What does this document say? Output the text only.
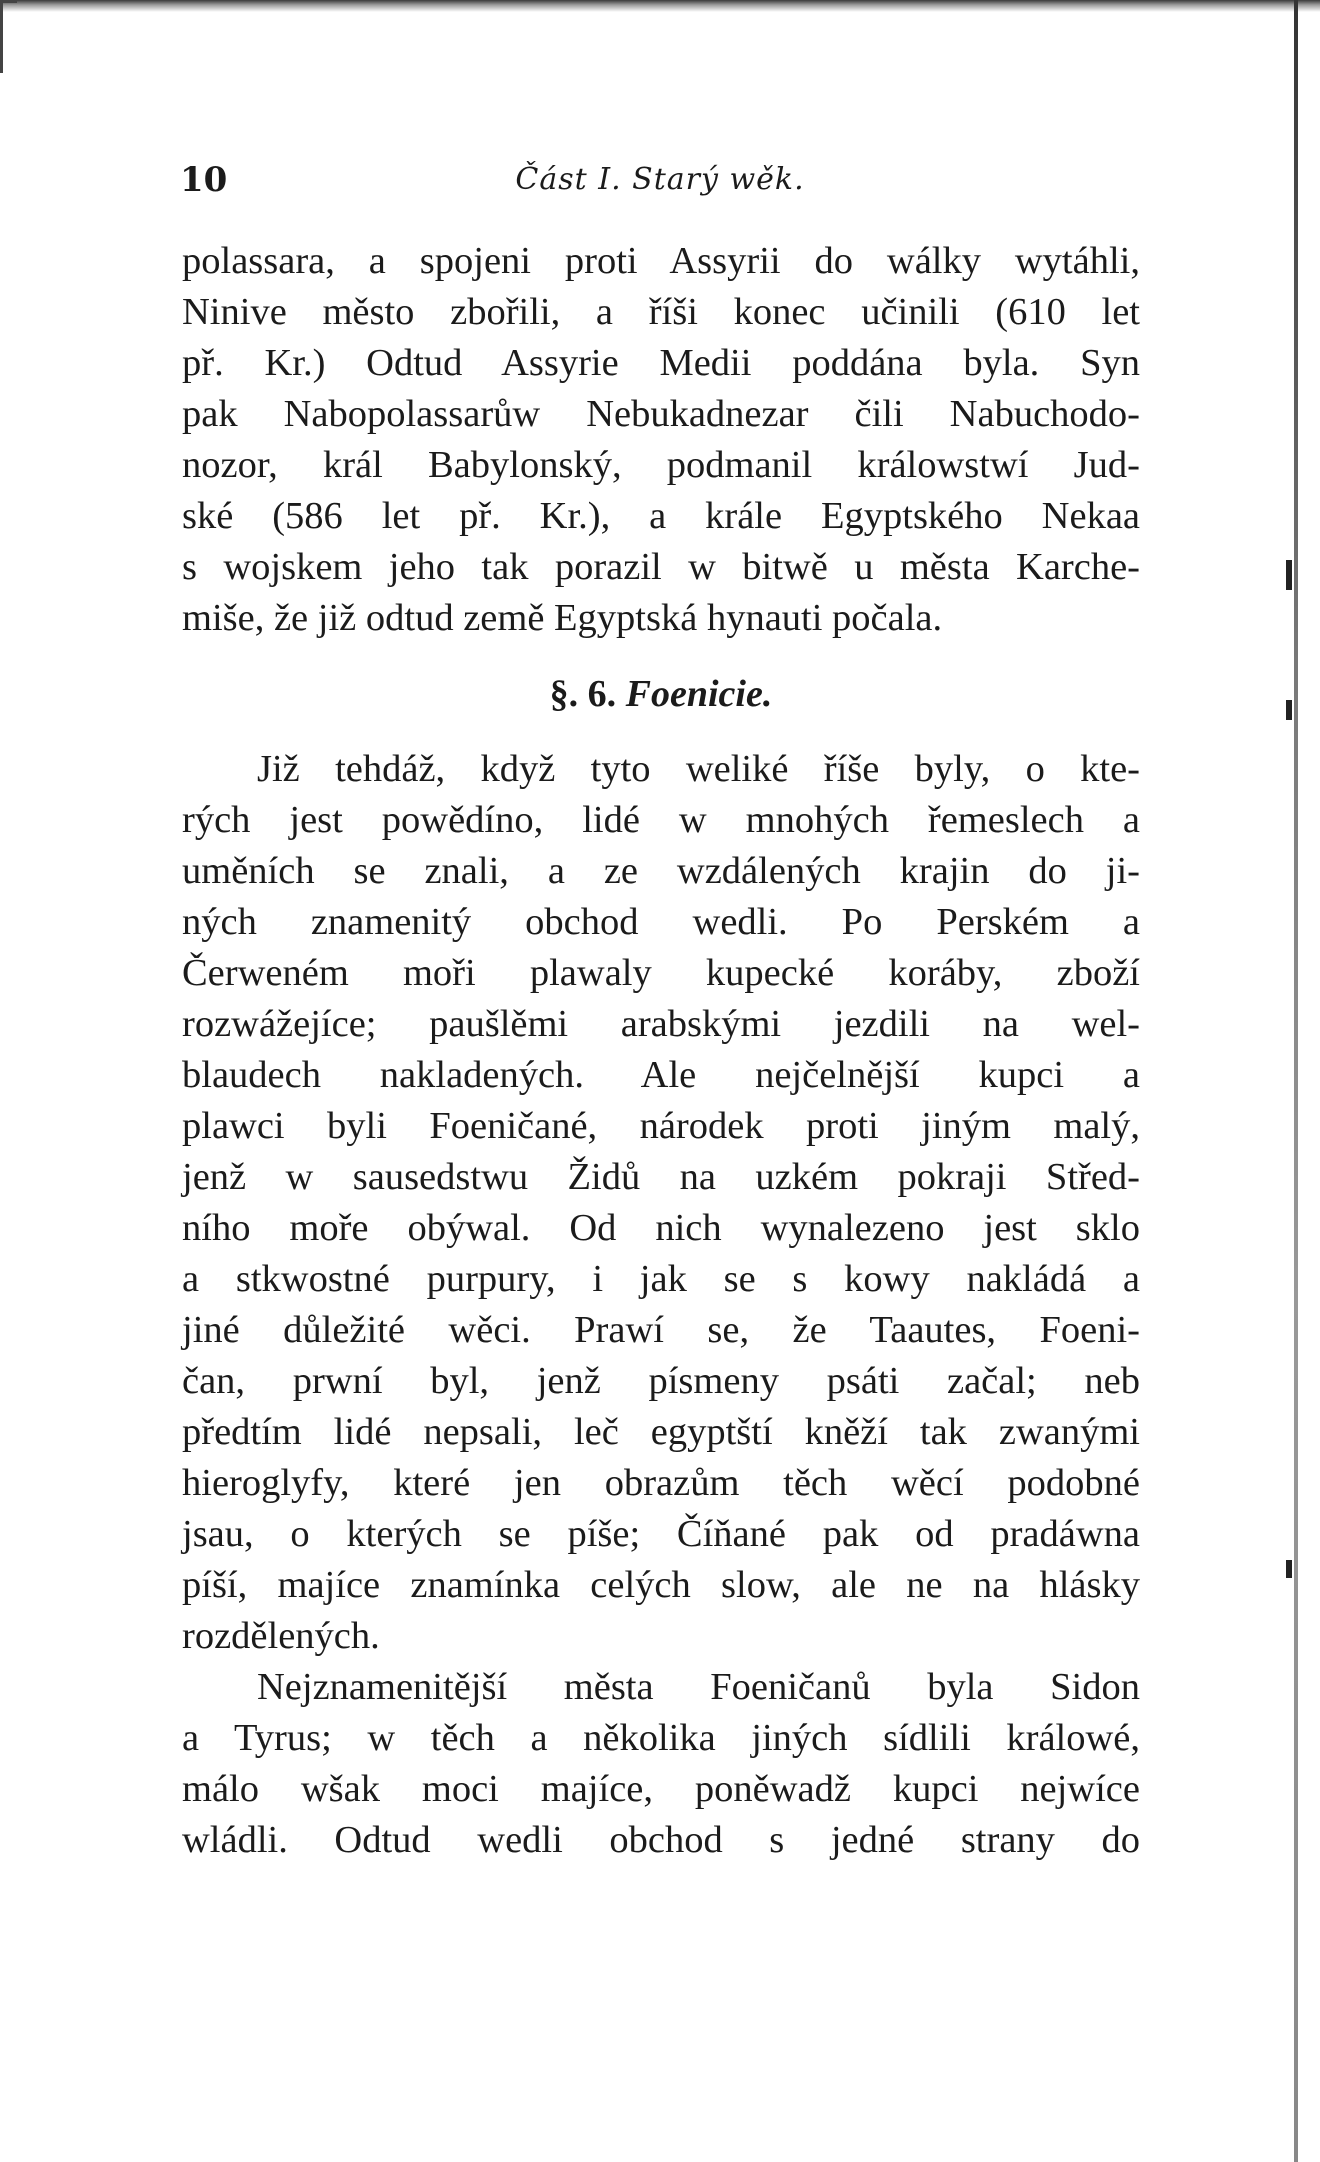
10	Část I. Starý wěk.
polassara, a spojeni proti Assyrii do wálky wytáhli,
Ninive město zbořili, a říši konec učinili (610 let
př. Kr.) Odtud Assyrie Medii poddána byla. Syn
pak Nabopolassarůw Nebukadnezar čili Nabuchodo-
nozor, král Babylonský, podmanil králowstwí Jud-
ské (586 let př. Kr.), a krále Egyptského Nekaa
s wojskem jeho tak porazil w bitwě u města Karche-
miše, že již odtud země Egyptská hynauti počala.
§. 6. Foenicie.
Již tehdáž, když tyto weliké říše byly, o kte-
rých jest powědíno, lidé w mnohých řemeslech a
uměních se znali, a ze wzdálených krajin do ji-
ných znamenitý obchod wedli. Po Perském a
Čerweném moři plawaly kupecké koráby, zboží
rozwážejíce; paušlěmi arabskými jezdili na wel-
blaudech nakladených. Ale nejčelnější kupci a
plawci byli Foeničané, národek proti jiným malý,
jenž w sausedstwu Židů na uzkém pokraji Střed-
ního moře obýwal. Od nich wynalezeno jest sklo
a stkwostné purpury, i jak se s kowy nakládá a
jiné důležité wěci. Prawí se, že Taautes, Foeni-
čan, prwní byl, jenž písmeny psáti začal; neb
předtím lidé nepsali, leč egyptští kněží tak zwanými
hieroglyfy, které jen obrazům těch wěcí podobné
jsau, o kterých se píše; Číňané pak od pradáwna
píší, majíce znamínka celých slow, ale ne na hlásky
rozdělených.
Nejznamenitější města Foeničanů byla Sidon
a Tyrus; w těch a několika jiných sídlili králowé,
málo wšak moci majíce, poněwadž kupci nejwíce
wládli. Odtud wedli obchod s jedné strany do
